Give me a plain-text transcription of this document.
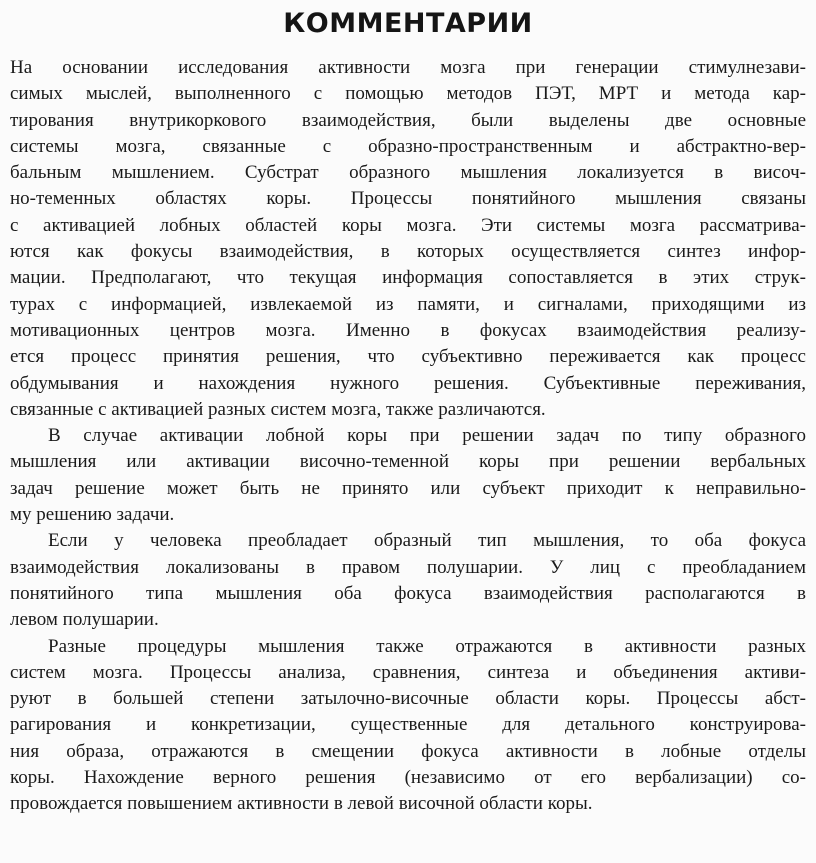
КОММЕНТАРИИ
На основании исследования активности мозга при генерации стимулнезави-
симых мыслей, выполненного с помощью методов ПЭТ, МРТ и метода кар-
тирования внутрикоркового взаимодействия, были выделены две основные
системы мозга, связанные с образно-пространственным и абстрактно-вер-
бальным мышлением. Субстрат образного мышления локализуется в височ-
но-теменных областях коры. Процессы понятийного мышления связаны
с активацией лобных областей коры мозга. Эти системы мозга рассматрива-
ются как фокусы взаимодействия, в которых осуществляется синтез инфор-
мации. Предполагают, что текущая информация сопоставляется в этих струк-
турах с информацией, извлекаемой из памяти, и сигналами, приходящими из
мотивационных центров мозга. Именно в фокусах взаимодействия реализу-
ется процесс принятия решения, что субъективно переживается как процесс
обдумывания и нахождения нужного решения. Субъективные переживания,
связанные с активацией разных систем мозга, также различаются.
В случае активации лобной коры при решении задач по типу образного
мышления или активации височно-теменной коры при решении вербальных
задач решение может быть не принято или субъект приходит к неправильно-
му решению задачи.
Если у человека преобладает образный тип мышления, то оба фокуса
взаимодействия локализованы в правом полушарии. У лиц с преобладанием
понятийного типа мышления оба фокуса взаимодействия располагаются в
левом полушарии.
Разные процедуры мышления также отражаются в активности разных
систем мозга. Процессы анализа, сравнения, синтеза и объединения активи-
руют в большей степени затылочно-височные области коры. Процессы абст-
рагирования и конкретизации, существенные для детального конструирова-
ния образа, отражаются в смещении фокуса активности в лобные отделы
коры. Нахождение верного решения (независимо от его вербализации) со-
провождается повышением активности в левой височной области коры.
